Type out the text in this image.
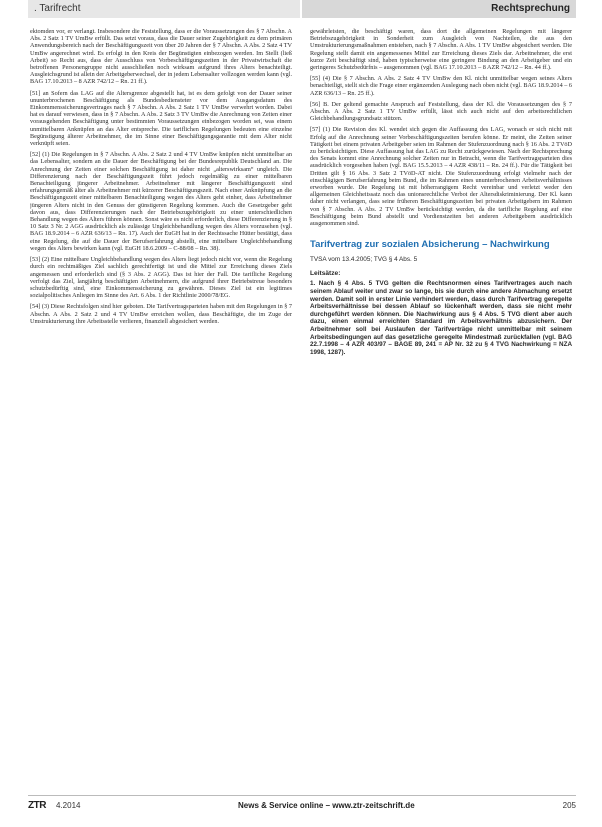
. Tarifrecht	Rechtsprechung

ektomden vor, er verlangt. Insbesondere die Feststellung, dass er die Voraussetzungen des § 7 Abschn. A Abs. 2 Satz 1 TV UmBw erfüllt. Das setzt voraus, dass die Dauer seiner Zugehörigkeit zu dem primären Anwendungsbereich nach der Beschäftigungszeit von über 20 Jahren der § 7 Abschn. A Abs. 2 Satz 4 TV UmBw angerechnet wird. Es erfolgt in den Kreis der Begünstigten einbezogen werden. Im Stellt (ließ Arbeit) so Recht aus, dass der Ausschluss von Vorbeschäftigungszeiten in der Privatwirtschaft die betroffenen Personengruppe nicht ausschließen noch wirksam aufgrund ihres Alters benachteiligt. Ausgleichsgrund ist allein der Arbeitgeberwechsel, der in jedem Lebensalter vollzogen werden kann (vgl. BAG 17.10.2013 – 8 AZR 742/12 – Rn. 21 ff.).

[51] an Sofern das LAG auf die Altersgrenze abgestellt hat, ist es dem gefolgt von der Dauer seiner ununterbrochenen Beschäftigung als Bundesbediensteter vor dem Ausgangsdatum des Einkommenssicherungsvertrages nach § 7 Abschn. A Abs. 2 Satz 1 TV UmBw verwehrt worden. Dabei hat es darauf verwiesen, dass in § 7 Abschn. A Abs. 2 Satz 3 TV UmBw die Anrechnung von Zeiten einer vorausgehenden Beschäftigung unter bestimmten Voraussetzungen einbezogen worden sei, was einem unmittelbaren Anknüpfen an das Alter entspreche. Die tariflichen Regelungen bedeuten eine einzelne Begünstigung älterer Arbeitnehmer, die im Sinne einer Beschäftigungsgarantie mit dem Alter nicht verknüpft seien.

[52] (1) Die Regelungen in § 7 Abschn. A Abs. 2 Satz 2 und 4 TV UmBw knüpfen nicht unmittelbar an das Lebensalter, sondern an die Dauer der Beschäftigung bei der Bundesrepublik Deutschland an. Die Anrechnung der Zeiten einer solchen Beschäftigung ist daher nicht „alterswirksam“ ungleich. Die Differenzierung nach der Beschäftigungszeit führt jedoch regelmäßig zu einer mittelbaren Benachteiligung jüngerer Arbeitnehmer. Arbeitnehmer mit längerer Beschäftigungszeit sind erfahrungsgemäß älter als Arbeitnehmer mit kürzerer Beschäftigungszeit. Nach einer Anknüpfung an die Beschäftigungszeit einer mittelbaren Benachteiligung wegen des Alters geht einher, dass Arbeitnehmer jüngeren Alters nicht in den Genuss der günstigeren Regelung kommen. Auch die Gesetzgeber geht davon aus, dass Differenzierungen nach der Betriebszugehörigkeit zu einer unterschiedlichen Behandlung wegen des Alters führen können. Sonst wäre es nicht erforderlich, diese Differenzierung in § 10 Satz 3 Nr. 2 AGG ausdrücklich als zulässige Ungleichbehandlung wegen des Alters vorzusehen (vgl. BAG 18.9.2014 – 6 AZR 636/13 – Rn. 17). Auch der EuGH hat in der Rechtssache Hütter bestätigt, dass eine Regelung, die auf die Dauer der Berufserfahrung abstellt, eine mittelbare Ungleichbehandlung wegen des Alters bewirken kann (vgl. EuGH 18.6.2009 – C-88/08 – Rn. 38).

[53] (2) Eine mittelbare Ungleichbehandlung wegen des Alters liegt jedoch nicht vor, wenn die Regelung durch ein rechtmäßiges Ziel sachlich gerechtfertigt ist und die Mittel zur Erreichung dieses Ziels angemessen und erforderlich sind (§ 3 Abs. 2 AGG). Das ist hier der Fall. Die tarifliche Regelung verfolgt das Ziel, langjährig beschäftigten Arbeitnehmern, die aufgrund ihrer Betriebstreue besonders schutzbedürftig sind, eine Einkommenssicherung zu gewähren. Dieses Ziel ist ein legitimes sozialpolitisches Anliegen im Sinne des Art. 6 Abs. 1 der Richtlinie 2000/78/EG.

[54] (3) Diese Rechtsfolgen sind hier geboten. Die Tarifvertragsparteien haben mit den Regelungen in § 7 Abschn. A Abs. 2 Satz 2 und 4 TV UmBw erreichen wollen, dass Beschäftigte, die im Zuge der Umstrukturierung ihre Arbeitsstelle verlieren, finanziell abgesichert werden.

gewährleisten, die beschäftigt waren, dass dort die allgemeinen Regelungen mit längerer Betriebszugehörigkeit in Sonderheit zum Ausgleich von Nachteilen, die aus den Umstrukturierungsmaßnahmen entstehen, nach § 7 Abschn. A Abs. 1 TV UmBw abgesichert werden. Die Regelung stellt damit ein angemessenes Mittel zur Erreichung dieses Ziels dar. Arbeitnehmer, die erst kurze Zeit beschäftigt sind, haben typischerweise eine geringere Bindung an den Arbeitgeber und ein geringeres Schutzbedürfnis – ausgenommen (vgl. BAG 17.10.2013 – 8 AZR 742/12 – Rn. 44 ff.).

[55] (4) Die § 7 Abschn. A Abs. 2 Satz 4 TV UmBw den Kl. nicht unmittelbar wegen seines Alters benachteiligt, stellt sich die Frage einer ergänzenden Auslegung nach oben nicht (vgl. BAG 18.9.2014 – 6 AZR 636/13 – Rn. 25 ff.).

[56] B. Der geltend gemachte Anspruch auf Feststellung, dass der Kl. die Voraussetzungen des § 7 Abschn. A Abs. 2 Satz 1 TV UmBw erfüllt, lässt sich auch nicht auf den arbeitsrechtlichen Gleichbehandlungsgrundsatz stützen.

[57] (1) Die Revision des Kl. wendet sich gegen die Auffassung des LAG, wonach er sich nicht mit Erfolg auf die Anrechnung seiner Vorbeschäftigungszeiten berufen könne. Er meint, die Zeiten seiner Tätigkeit bei einem privaten Arbeitgeber seien im Rahmen der Stufenzuordnung nach § 16 Abs. 2 TVöD zu berücksichtigen. Diese Auffassung hat das LAG zu Recht zurückgewiesen. Nach der Rechtsprechung des Senats kommt eine Anrechnung solcher Zeiten nur in Betracht, wenn die Tarifvertragsparteien dies ausdrücklich vorgesehen haben (vgl. BAG 15.5.2013 – 4 AZR 438/11 – Rn. 24 ff.). Für die Tätigkeit bei Dritten gilt § 16 Abs. 3 Satz 2 TVöD-AT nicht. Die Stufenzuordnung erfolgt vielmehr nach der einschlägigen Berufserfahrung beim Bund, die im Rahmen eines ununterbrochenen Arbeitsverhältnisses erworben wurde. Die Regelung ist mit höherrangigem Recht vereinbar und verletzt weder den allgemeinen Gleichheitssatz noch das unionsrechtliche Verbot der Altersdiskriminierung. Der Kl. kann daher nicht verlangen, dass seine früheren Beschäftigungszeiten bei privaten Arbeitgebern im Rahmen von § 7 Abschn. A Abs. 2 TV UmBw berücksichtigt werden, da die tarifliche Regelung auf eine Beschäftigung beim Bund abstellt und Vordienstzeiten bei anderen Arbeitgebern ausdrücklich ausgenommen sind.

Tarifvertrag zur sozialen Absicherung – Nachwirkung
TVSA vom 13.4.2005; TVG § 4 Abs. 5
Leitsätze:
1. Nach § 4 Abs. 5 TVG gelten die Rechtsnormen eines Tarifvertrages auch nach seinem Ablauf weiter und zwar so lange, bis sie durch eine andere Abmachung ersetzt werden. Damit soll in erster Linie verhindert werden, dass durch Tarifvertrag geregelte Arbeitsverhältnisse bei dessen Ablauf so lückenhaft werden, dass sie nicht mehr durchgeführt werden können. Die Nachwirkung aus § 4 Abs. 5 TVG dient aber auch dazu, einen einmal erreichten Standard im Arbeitsverhältnis abzusichern. Der Arbeitnehmer soll bei Auslaufen der Tarifverträge nicht unmittelbar mit seinem Arbeitsbedingungen auf das gesetzliche geregelte Mindestmaß zurückfallen (vgl. BAG 22.7.1998 – 4 AZR 403/97 – BAGE 89, 241 = AP Nr. 32 zu § 4 TVG Nachwirkung = NZA 1998, 1287).
ZTR 4.2014	News & Service online – www.ztr-zeitschrift.de	205
